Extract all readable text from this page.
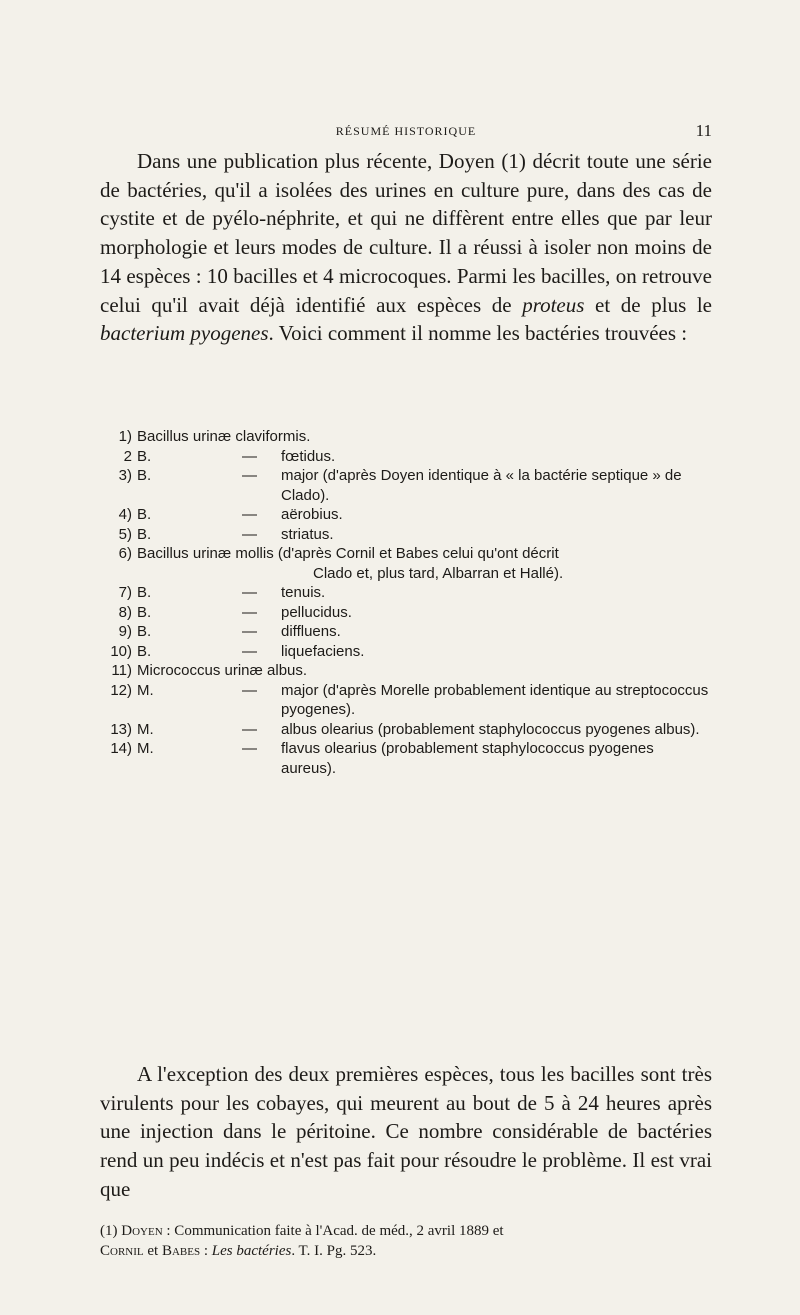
RÉSUMÉ HISTORIQUE	11
Dans une publication plus récente, Doyen (1) décrit toute une série de bactéries, qu'il a isolées des urines en culture pure, dans des cas de cystite et de pyélo-néphrite, et qui ne diffèrent entre elles que par leur morphologie et leurs modes de culture. Il a réussi à isoler non moins de 14 espèces : 10 bacilles et 4 microcoques. Parmi les bacilles, on retrouve celui qu'il avait déjà identifié aux espèces de proteus et de plus le bacterium pyogenes. Voici comment il nomme les bactéries trouvées :
1) Bacillus urinæ claviformis.
2 B.	— fœtidus.
3) B.	— major (d'après Doyen identique à « la bactérie septique » de Clado).
4) B.	— aërobius.
5) B.	— striatus.
6) Bacillus urinæ mollis (d'après Cornil et Babes celui qu'ont décrit
Clado et, plus tard, Albarran et Hallé).
7) B.	— tenuis.
8) B.	— pellucidus.
9) B.	— diffluens.
10) B.	— liquefaciens.
11) Micrococcus urinæ albus.
12) M.	— major (d'après Morelle probablement identique au streptococcus pyogenes).
13) M.	— albus olearius (probablement staphylococcus pyogenes albus).
14) M.	— flavus olearius (probablement staphylococcus pyogenes aureus).
A l'exception des deux premières espèces, tous les bacilles sont très virulents pour les cobayes, qui meurent au bout de 5 à 24 heures après une injection dans le péritoine. Ce nombre considérable de bactéries rend un peu indécis et n'est pas fait pour résoudre le problème. Il est vrai que
(1) Doyen : Communication faite à l'Acad. de méd., 2 avril 1889 et
Cornil et Babes : Les bactéries. T. I. Pg. 523.
